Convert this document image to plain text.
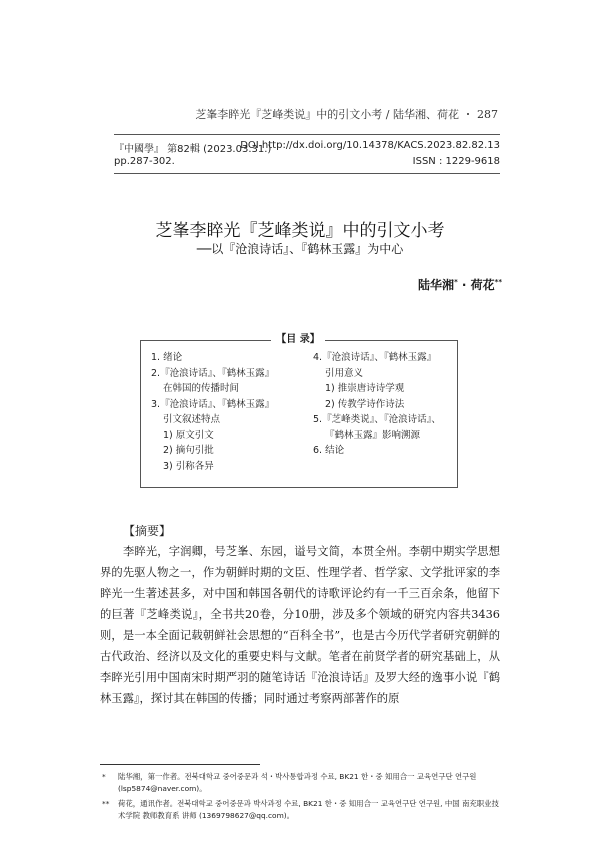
芝峯李睟光『芝峰类说』中的引文小考 / 陆华湘、荷花 ・ 287
『中國學』 第82輯 (2023.03.31.)
DOI http://dx.doi.org/10.14378/KACS.2023.82.82.13
pp.287-302.	ISSN : 1229-9618
芝峯李睟光『芝峰类说』中的引文小考
──以『沧浪诗话』、『鹤林玉露』为中心
陆华湘* · 荷花**
1. 绪论
2.『沧浪诗话』、『鹤林玉露』
在韩国的传播时间
3.『沧浪诗话』、『鹤林玉露』
引文叙述特点
1) 原文引文
2) 摘句引批
3) 引称各异
4.『沧浪诗话』、『鹤林玉露』
引用意义
1) 推崇唐诗诗学观
2) 传教学诗作诗法
5.『芝峰类说』、『沧浪诗话』、
『鹤林玉露』影响溯源
6. 结论
【目 录】
【摘要】

李睟光，字润卿，号芝峯、东园，谥号文简，本贯全州。李朝中期实学思想界的先驱人物之一，作为朝鲜时期的文臣、性理学者、哲学家、文学批评家的李睟光一生著述甚多，对中国和韩国各朝代的诗歌评论约有一千三百余条，他留下的巨著『芝峰类说』，全书共20卷，分10册，涉及多个领域的研究内容共3436则，是一本全面记载朝鲜社会思想的“百科全书”，也是古今历代学者研究朝鲜的古代政治、经济以及文化的重要史料与文献。笔者在前贤学者的研究基础上，从李睟光引用中国南宋时期严羽的随笔诗话『沧浪诗话』及罗大经的逸事小说『鹤林玉露』，探讨其在韩国的传播；同时通过考察两部著作的原

* 陆华湘，第一作者。전북대학교 중어중문과 석・박사통합과정 수료, BK21 한・중 知用合一 교육연구단 연구원 (lsp5874@naver.com)。
** 荷花，通讯作者。전북대학교 중어중문과 박사과정 수료, BK21 한・중 知用合一 교육연구단 연구원, 中国 南充职业技术学院 教师教育系 讲师 (1369798627@qq.com)。
